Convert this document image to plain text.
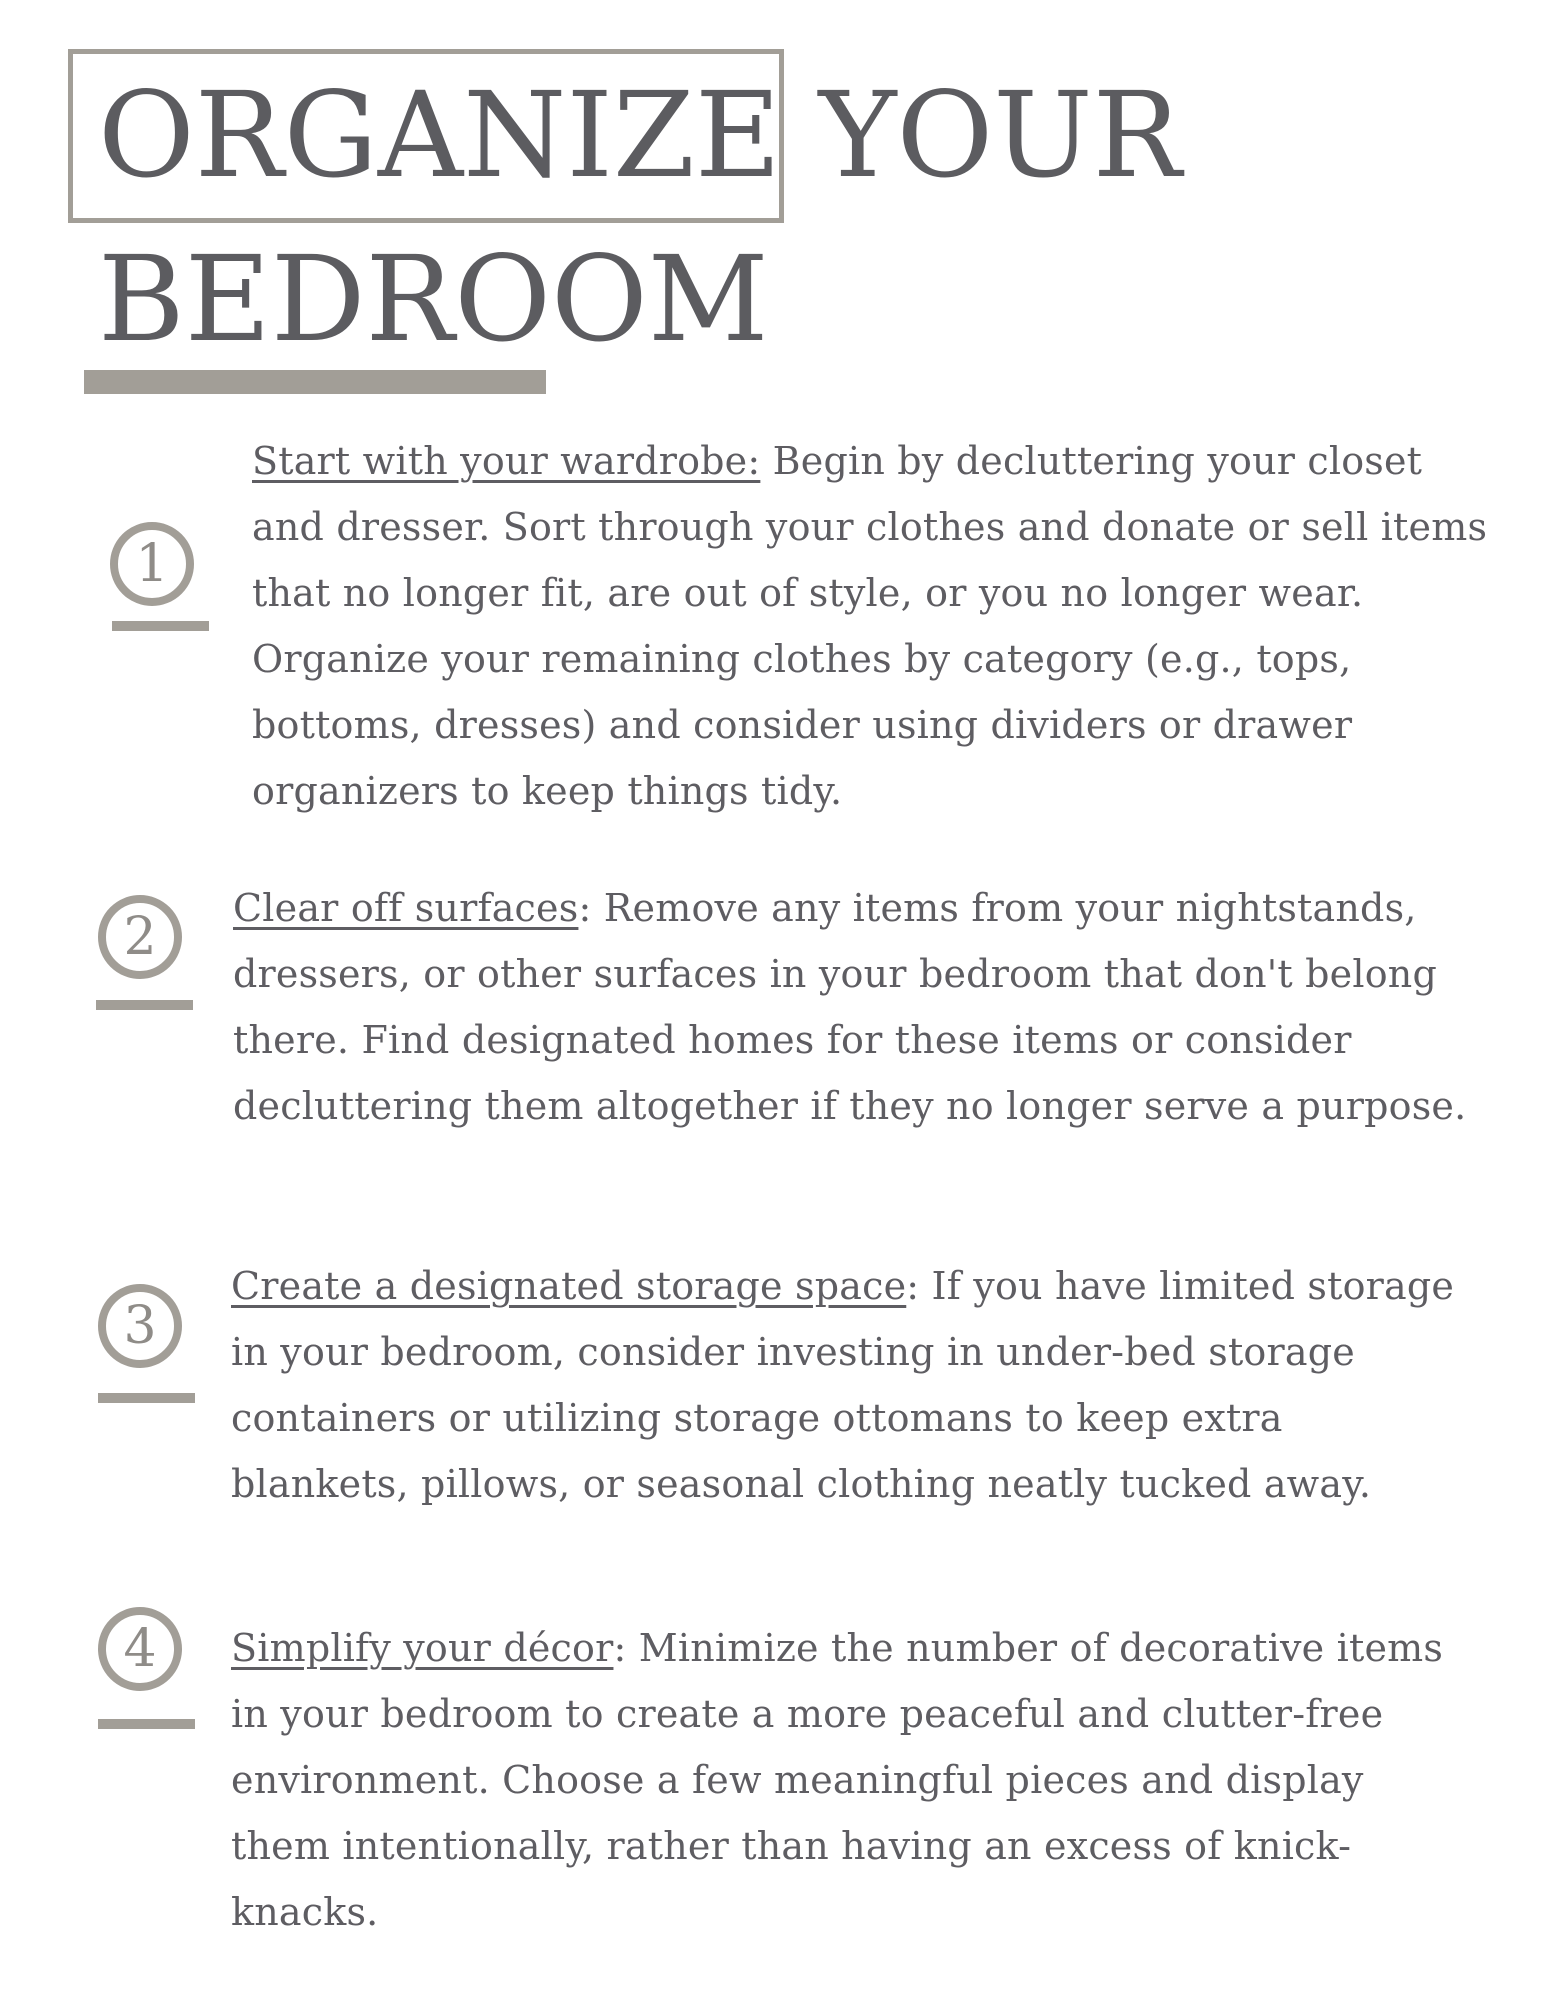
ORGANIZE YOUR
BEDROOM
1
Start with your wardrobe: Begin by decluttering your closet and dresser. Sort through your clothes and donate or sell items that no longer fit, are out of style, or you no longer wear. Organize your remaining clothes by category (e.g., tops, bottoms, dresses) and consider using dividers or drawer organizers to keep things tidy.
2 Clear off surfaces: Remove any items from your nightstands, dressers, or other surfaces in your bedroom that don't belong there. Find designated homes for these items or consider decluttering them altogether if they no longer serve a purpose.
3
Create a designated storage space: If you have limited storage in your bedroom, consider investing in under-bed storage containers or utilizing storage ottomans to keep extra blankets, pillows, or seasonal clothing neatly tucked away.
4 Simplify your décor: Minimize the number of decorative items in your bedroom to create a more peaceful and clutter-free environment. Choose a few meaningful pieces and display them intentionally, rather than having an excess of knick-knacks.
